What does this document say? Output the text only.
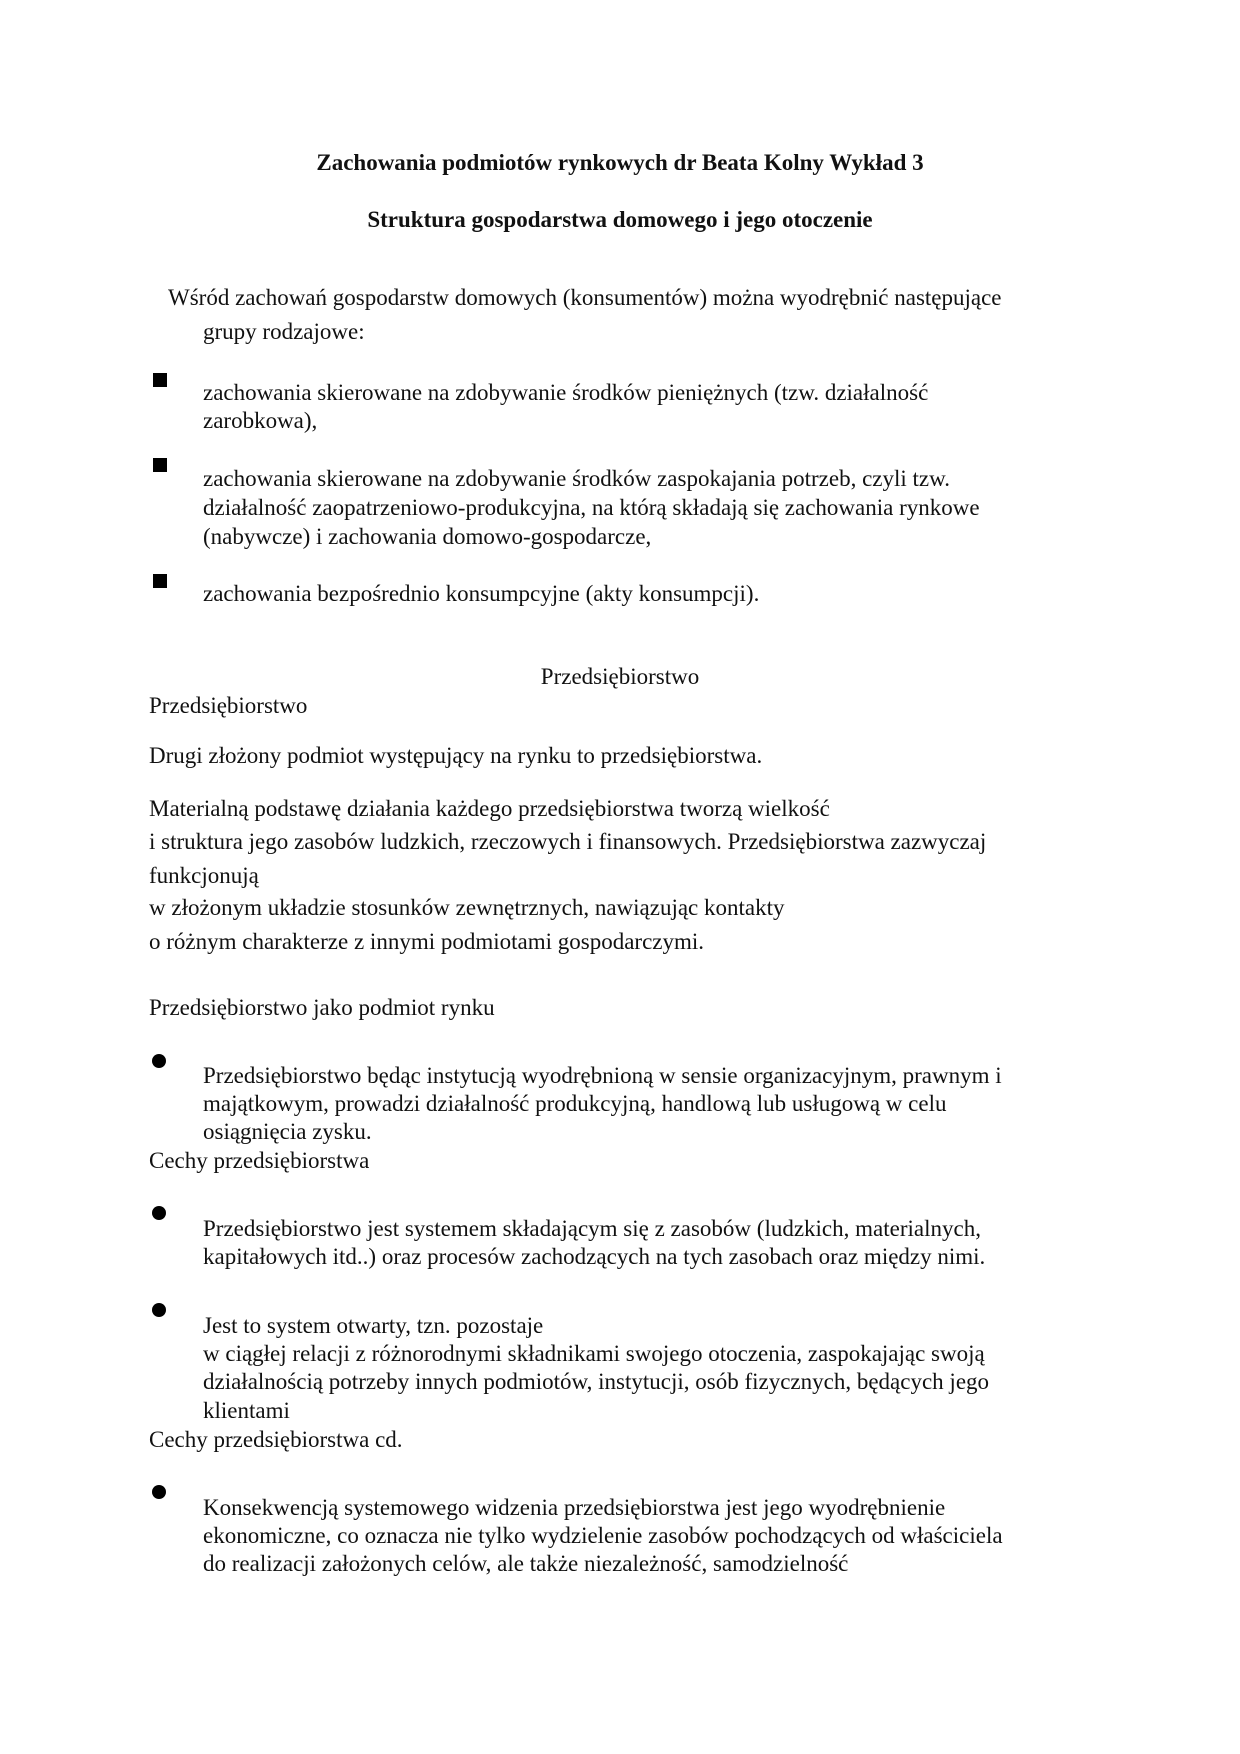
Zachowania podmiotów rynkowych dr Beata Kolny Wykład 3
Struktura gospodarstwa domowego i jego otoczenie
Wśród zachowań gospodarstw domowych (konsumentów) można wyodrębnić następujące
grupy rodzajowe:
zachowania skierowane na zdobywanie środków pieniężnych (tzw. działalność
zarobkowa),
zachowania skierowane na zdobywanie środków zaspokajania potrzeb, czyli tzw.
działalność zaopatrzeniowo-produkcyjna, na którą składają się zachowania rynkowe
(nabywcze) i zachowania domowo-gospodarcze,
zachowania bezpośrednio konsumpcyjne (akty konsumpcji).
Przedsiębiorstwo
Przedsiębiorstwo
Drugi złożony podmiot występujący na rynku to przedsiębiorstwa.
Materialną podstawę działania każdego przedsiębiorstwa tworzą wielkość
i struktura jego zasobów ludzkich, rzeczowych i finansowych. Przedsiębiorstwa zazwyczaj
funkcjonują
w złożonym układzie stosunków zewnętrznych, nawiązując kontakty
o różnym charakterze z innymi podmiotami gospodarczymi.
Przedsiębiorstwo jako podmiot rynku
Przedsiębiorstwo będąc instytucją wyodrębnioną w sensie organizacyjnym, prawnym i
majątkowym, prowadzi działalność produkcyjną, handlową lub usługową w celu
osiągnięcia zysku.
Cechy przedsiębiorstwa
Przedsiębiorstwo jest systemem składającym się z zasobów (ludzkich, materialnych,
kapitałowych itd..) oraz procesów zachodzących na tych zasobach oraz między nimi.
Jest to system otwarty, tzn. pozostaje
w ciągłej relacji z różnorodnymi składnikami swojego otoczenia, zaspokajając swoją
działalnością potrzeby innych podmiotów, instytucji, osób fizycznych, będących jego
klientami
Cechy przedsiębiorstwa cd.
Konsekwencją systemowego widzenia przedsiębiorstwa jest jego wyodrębnienie
ekonomiczne, co oznacza nie tylko wydzielenie zasobów pochodzących od właściciela
do realizacji założonych celów, ale także niezależność, samodzielność
